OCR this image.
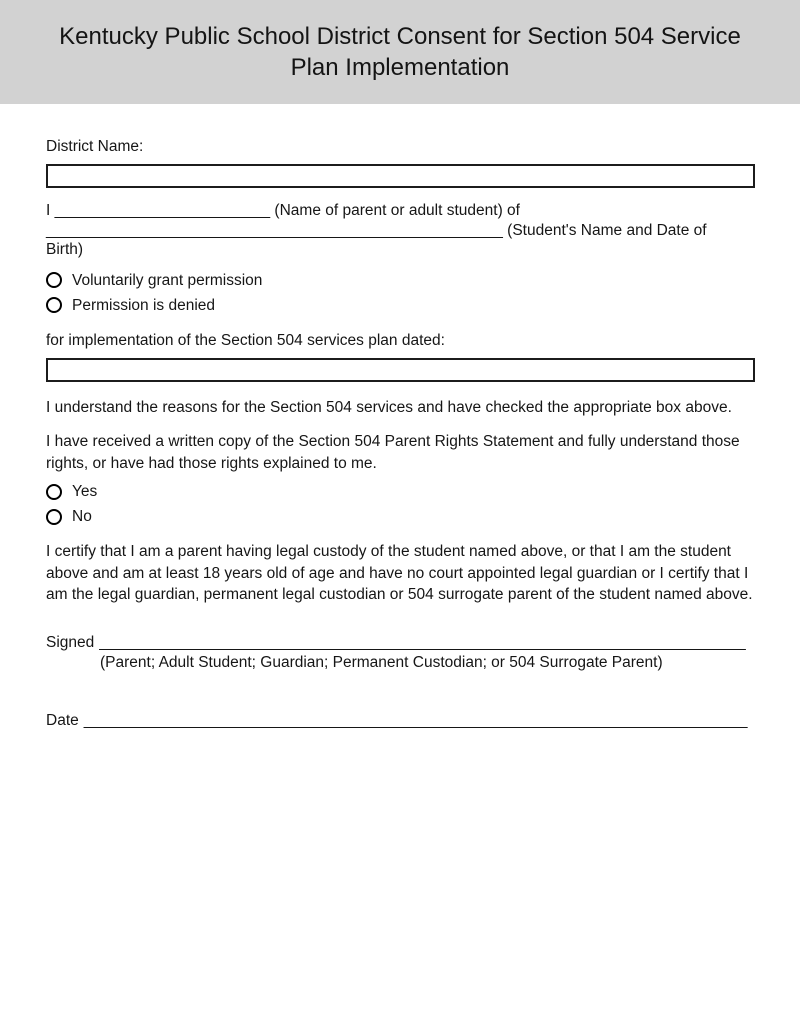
Kentucky Public School District Consent for Section 504 Service Plan Implementation
District Name:
I _________________________ (Name of parent or adult student) of
_____________________________________________________ (Student's Name and Date of
Birth)
Voluntarily grant permission
Permission is denied
for implementation of the Section 504 services plan dated:

I understand the reasons for the Section 504 services and have checked the appropriate box above.

I have received a written copy of the Section 504 Parent Rights Statement and fully understand those rights, or have had those rights explained to me.

Yes
No

I certify that I am a parent having legal custody of the student named above, or that I am the student above and am at least 18 years old of age and have no court appointed legal guardian or I certify that I am the legal guardian, permanent legal custodian or 504 surrogate parent of the student named above.

Signed ___________________________________________________________________________
(Parent; Adult Student; Guardian; Permanent Custodian; or 504 Surrogate Parent)
Date _____________________________________________________________________________
